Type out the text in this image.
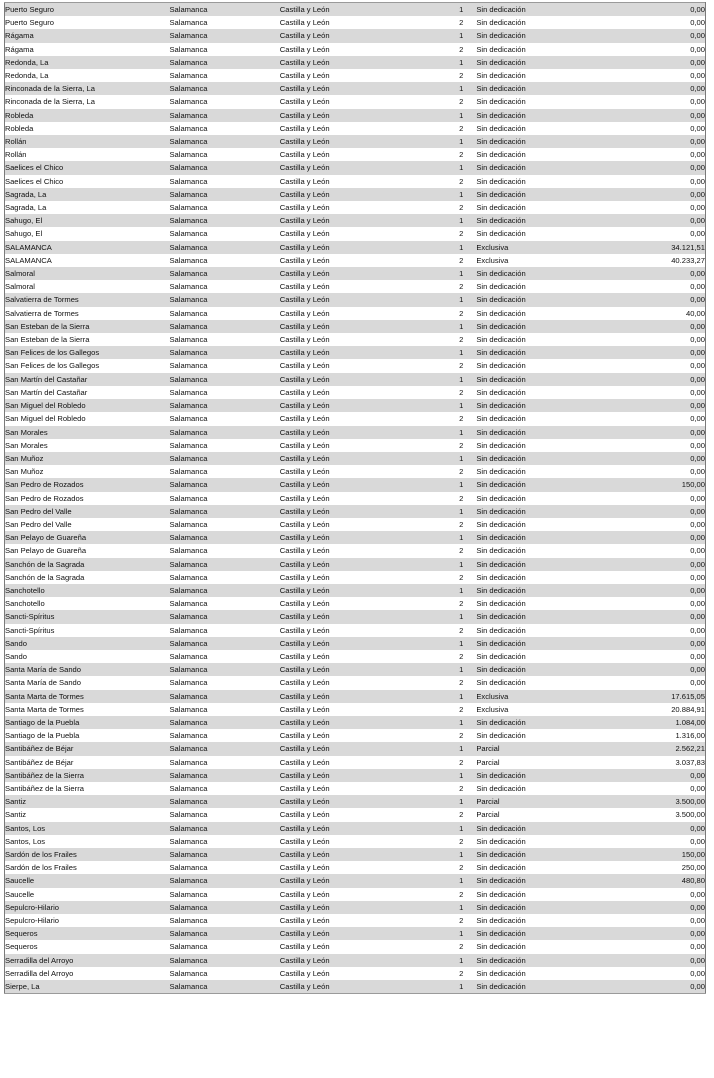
Puerto Seguro	Salamanca	Castilla y León	1	Sin dedicación	0,00
Puerto Seguro	Salamanca	Castilla y León	2	Sin dedicación	0,00
Rágama	Salamanca	Castilla y León	1	Sin dedicación	0,00
Rágama	Salamanca	Castilla y León	2	Sin dedicación	0,00
Redonda, La	Salamanca	Castilla y León	1	Sin dedicación	0,00
Redonda, La	Salamanca	Castilla y León	2	Sin dedicación	0,00
Rinconada de la Sierra, La	Salamanca	Castilla y León	1	Sin dedicación	0,00
Rinconada de la Sierra, La	Salamanca	Castilla y León	2	Sin dedicación	0,00
Robleda	Salamanca	Castilla y León	1	Sin dedicación	0,00
Robleda	Salamanca	Castilla y León	2	Sin dedicación	0,00
Rollán	Salamanca	Castilla y León	1	Sin dedicación	0,00
Rollán	Salamanca	Castilla y León	2	Sin dedicación	0,00
Saelices el Chico	Salamanca	Castilla y León	1	Sin dedicación	0,00
Saelices el Chico	Salamanca	Castilla y León	2	Sin dedicación	0,00
Sagrada, La	Salamanca	Castilla y León	1	Sin dedicación	0,00
Sagrada, La	Salamanca	Castilla y León	2	Sin dedicación	0,00
Sahugo, El	Salamanca	Castilla y León	1	Sin dedicación	0,00
Sahugo, El	Salamanca	Castilla y León	2	Sin dedicación	0,00
SALAMANCA	Salamanca	Castilla y León	1	Exclusiva	34.121,51
SALAMANCA	Salamanca	Castilla y León	2	Exclusiva	40.233,27
Salmoral	Salamanca	Castilla y León	1	Sin dedicación	0,00
Salmoral	Salamanca	Castilla y León	2	Sin dedicación	0,00
Salvatierra de Tormes	Salamanca	Castilla y León	1	Sin dedicación	0,00
Salvatierra de Tormes	Salamanca	Castilla y León	2	Sin dedicación	40,00
San Esteban de la Sierra	Salamanca	Castilla y León	1	Sin dedicación	0,00
San Esteban de la Sierra	Salamanca	Castilla y León	2	Sin dedicación	0,00
San Felices de los Gallegos	Salamanca	Castilla y León	1	Sin dedicación	0,00
San Felices de los Gallegos	Salamanca	Castilla y León	2	Sin dedicación	0,00
San Martín del Castañar	Salamanca	Castilla y León	1	Sin dedicación	0,00
San Martín del Castañar	Salamanca	Castilla y León	2	Sin dedicación	0,00
San Miguel del Robledo	Salamanca	Castilla y León	1	Sin dedicación	0,00
San Miguel del Robledo	Salamanca	Castilla y León	2	Sin dedicación	0,00
San Morales	Salamanca	Castilla y León	1	Sin dedicación	0,00
San Morales	Salamanca	Castilla y León	2	Sin dedicación	0,00
San Muñoz	Salamanca	Castilla y León	1	Sin dedicación	0,00
San Muñoz	Salamanca	Castilla y León	2	Sin dedicación	0,00
San Pedro de Rozados	Salamanca	Castilla y León	1	Sin dedicación	150,00
San Pedro de Rozados	Salamanca	Castilla y León	2	Sin dedicación	0,00
San Pedro del Valle	Salamanca	Castilla y León	1	Sin dedicación	0,00
San Pedro del Valle	Salamanca	Castilla y León	2	Sin dedicación	0,00
San Pelayo de Guareña	Salamanca	Castilla y León	1	Sin dedicación	0,00
San Pelayo de Guareña	Salamanca	Castilla y León	2	Sin dedicación	0,00
Sanchón de la Sagrada	Salamanca	Castilla y León	1	Sin dedicación	0,00
Sanchón de la Sagrada	Salamanca	Castilla y León	2	Sin dedicación	0,00
Sanchotello	Salamanca	Castilla y León	1	Sin dedicación	0,00
Sanchotello	Salamanca	Castilla y León	2	Sin dedicación	0,00
Sancti-Spíritus	Salamanca	Castilla y León	1	Sin dedicación	0,00
Sancti-Spíritus	Salamanca	Castilla y León	2	Sin dedicación	0,00
Sando	Salamanca	Castilla y León	1	Sin dedicación	0,00
Sando	Salamanca	Castilla y León	2	Sin dedicación	0,00
Santa María de Sando	Salamanca	Castilla y León	1	Sin dedicación	0,00
Santa María de Sando	Salamanca	Castilla y León	2	Sin dedicación	0,00
Santa Marta de Tormes	Salamanca	Castilla y León	1	Exclusiva	17.615,05
Santa Marta de Tormes	Salamanca	Castilla y León	2	Exclusiva	20.884,91
Santiago de la Puebla	Salamanca	Castilla y León	1	Sin dedicación	1.084,00
Santiago de la Puebla	Salamanca	Castilla y León	2	Sin dedicación	1.316,00
Santibáñez de Béjar	Salamanca	Castilla y León	1	Parcial	2.562,21
Santibáñez de Béjar	Salamanca	Castilla y León	2	Parcial	3.037,83
Santibáñez de la Sierra	Salamanca	Castilla y León	1	Sin dedicación	0,00
Santibáñez de la Sierra	Salamanca	Castilla y León	2	Sin dedicación	0,00
Santiz	Salamanca	Castilla y León	1	Parcial	3.500,00
Santiz	Salamanca	Castilla y León	2	Parcial	3.500,00
Santos, Los	Salamanca	Castilla y León	1	Sin dedicación	0,00
Santos, Los	Salamanca	Castilla y León	2	Sin dedicación	0,00
Sardón de los Frailes	Salamanca	Castilla y León	1	Sin dedicación	150,00
Sardón de los Frailes	Salamanca	Castilla y León	2	Sin dedicación	250,00
Saucelle	Salamanca	Castilla y León	1	Sin dedicación	480,80
Saucelle	Salamanca	Castilla y León	2	Sin dedicación	0,00
Sepulcro-Hilario	Salamanca	Castilla y León	1	Sin dedicación	0,00
Sepulcro-Hilario	Salamanca	Castilla y León	2	Sin dedicación	0,00
Sequeros	Salamanca	Castilla y León	1	Sin dedicación	0,00
Sequeros	Salamanca	Castilla y León	2	Sin dedicación	0,00
Serradilla del Arroyo	Salamanca	Castilla y León	1	Sin dedicación	0,00
Serradilla del Arroyo	Salamanca	Castilla y León	2	Sin dedicación	0,00
Sierpe, La	Salamanca	Castilla y León	1	Sin dedicación	0,00
